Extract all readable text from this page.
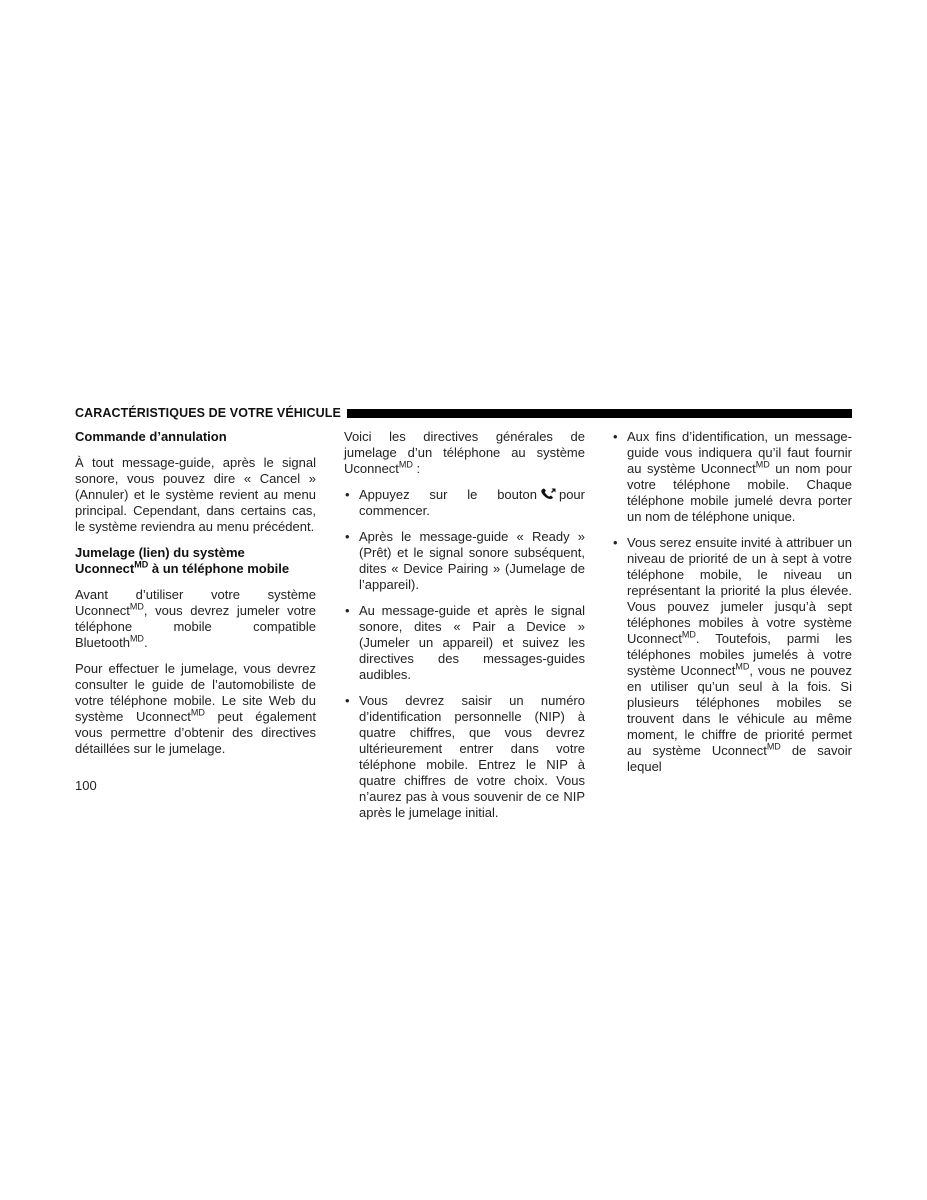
CARACTÉRISTIQUES DE VOTRE VÉHICULE
Commande d’annulation

À tout message-guide, après le signal sonore, vous pouvez dire « Cancel » (Annuler) et le système revient au menu principal. Cependant, dans certains cas, le système reviendra au menu précédent.

Jumelage (lien) du système
Uconnect$^{MD}$ à un téléphone mobile

Avant d’utiliser votre système Uconnect$^{MD}$, vous devrez jumeler votre téléphone mobile compatible Bluetooth$^{MD}$.

Pour effectuer le jumelage, vous devrez consulter le guide de l’automobiliste de votre téléphone mobile. Le site Web du système Uconnect$^{MD}$ peut également vous permettre d’obtenir des directives détaillées sur le jumelage.

Voici les directives générales de jumelage d’un téléphone au système Uconnect$^{MD}$ :

• Appuyez sur le bouton pour commencer.
• Après le message-guide « Ready » (Prêt) et le signal sonore subséquent, dites « Device Pairing » (Jumelage de l’appareil).
• Au message-guide et après le signal sonore, dites « Pair a Device » (Jumeler un appareil) et suivez les directives des messages-guides audibles.
• Vous devrez saisir un numéro d’identification personnelle (NIP) à quatre chiffres, que vous devrez ultérieurement entrer dans votre téléphone mobile. Entrez le NIP à quatre chiffres de votre choix. Vous n’aurez pas à vous souvenir de ce NIP après le jumelage initial.
• Aux fins d’identification, un message-guide vous indiquera qu’il faut fournir au système Uconnect$^{MD}$ un nom pour votre téléphone mobile. Chaque téléphone mobile jumelé devra porter un nom de téléphone unique.
• Vous serez ensuite invité à attribuer un niveau de priorité de un à sept à votre téléphone mobile, le niveau un représentant la priorité la plus élevée. Vous pouvez jumeler jusqu’à sept téléphones mobiles à votre système Uconnect$^{MD}$. Toutefois, parmi les téléphones mobiles jumelés à votre système Uconnect$^{MD}$, vous ne pouvez en utiliser qu’un seul à la fois. Si plusieurs téléphones mobiles se trouvent dans le véhicule au même moment, le chiffre de priorité permet au système Uconnect$^{MD}$ de savoir lequel
100
